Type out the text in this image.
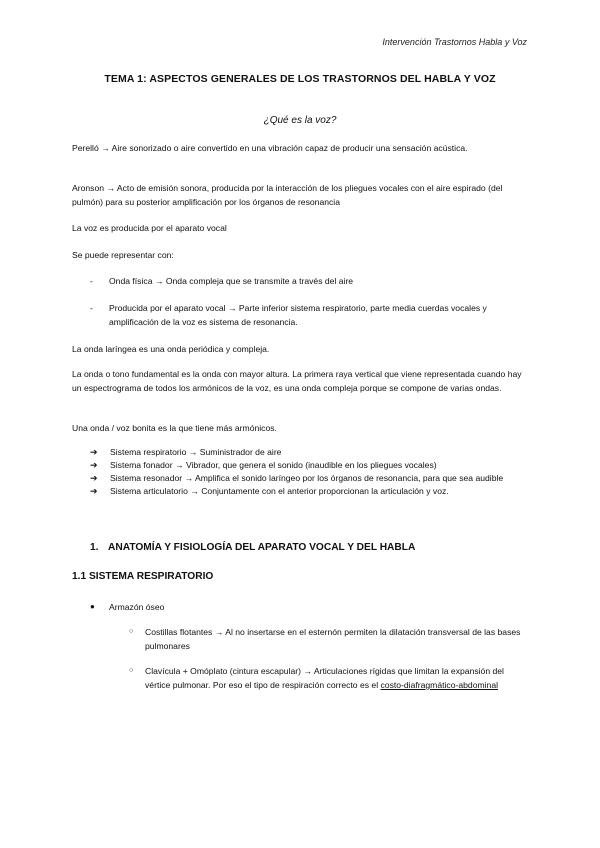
Intervención Trastornos Habla y Voz
TEMA 1: ASPECTOS GENERALES DE LOS TRASTORNOS DEL HABLA Y VOZ
¿Qué es la voz?
Perelló → Aire sonorizado o aire convertido en una vibración capaz de producir una sensación acústica.
Aronson → Acto de emisión sonora, producida por la interacción de los pliegues vocales con el aire espirado (del pulmón) para su posterior amplificación por los órganos de resonancia
La voz es producida por el aparato vocal
Se puede representar con:
- Onda física → Onda compleja que se transmite a través del aire
- Producida por el aparato vocal → Parte inferior sistema respiratorio, parte media cuerdas vocales y amplificación de la voz es sistema de resonancia.
La onda laríngea es una onda periódica y compleja.
La onda o tono fundamental es la onda con mayor altura. La primera raya vertical que viene representada cuando hay un espectrograma de todos los armónicos de la voz, es una onda compleja porque se compone de varias ondas.
Una onda / voz bonita es la que tiene más armónicos.
➔ Sistema respiratorio → Suministrador de aire
➔ Sistema fonador → Vibrador, que genera el sonido (inaudible en los pliegues vocales)
➔ Sistema resonador → Amplifica el sonido laríngeo por los órganos de resonancia, para que sea audible
➔ Sistema articulatorio → Conjuntamente con el anterior proporcionan la articulación y voz.
1. ANATOMÍA Y FISIOLOGÍA DEL APARATO VOCAL Y DEL HABLA
1.1 SISTEMA RESPIRATORIO
● Armazón óseo
○ Costillas flotantes → Al no insertarse en el esternón permiten la dilatación transversal de las bases pulmonares
○ Clavícula + Omóplato (cintura escapular) → Articulaciones rígidas que limitan la expansión del vértice pulmonar. Por eso el tipo de respiración correcto es el costo-diafragmático-abdominal
